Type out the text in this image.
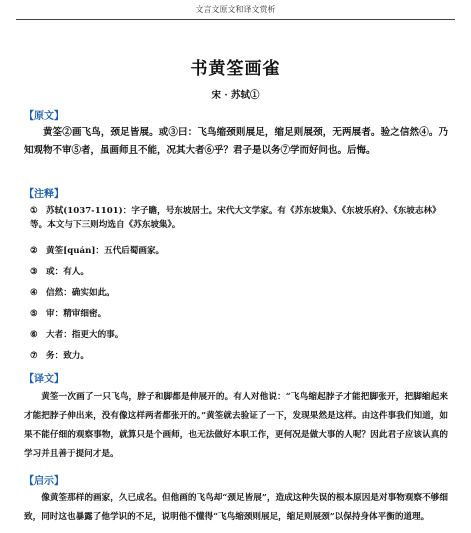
文言文原文和译文赏析
书黄筌画雀
宋 · 苏轼①
【原文】
黄筌②画飞鸟，颈足皆展。或③曰：飞鸟缩颈则展足，缩足则展颈，无两展者。验之信然④。乃知观物不审⑤者，虽画师且不能，况其大者⑥乎？君子是以务⑦学而好问也。后悔。
【注释】
① 苏轼(1037-1101)：字子瞻，号东坡居士。宋代大文学家。有《苏东坡集》、《东坡乐府》、《东坡志林》等。本文与下三则均选自《苏东坡集》。
② 黄筌[quán]：五代后蜀画家。
③ 或：有人。
④ 信然：确实如此。
⑤ 审：精审细密。
⑥ 大者：指更大的事。
⑦ 务：致力。
【译文】
黄筌一次画了一只飞鸟，脖子和脚都是伸展开的。有人对他说：“飞鸟缩起脖子才能把脚张开，把脚缩起来才能把脖子伸出来，没有像这样两者都张开的。”黄筌就去验证了一下，发现果然是这样。由这件事我们知道，如果不能仔细的观察事物，就算只是个画师，也无法做好本职工作，更何况是做大事的人呢？因此君子应该认真的学习并且善于提问才是。
【启示】
像黄筌那样的画家，久已成名。但他画的飞鸟却“颈足皆展”，造成这种失误的根本原因是对事物观察不够细致，同时这也暴露了他学识的不足，说明他不懂得“飞鸟缩颈则展足，缩足则展颈”以保持身体平衡的道理。
